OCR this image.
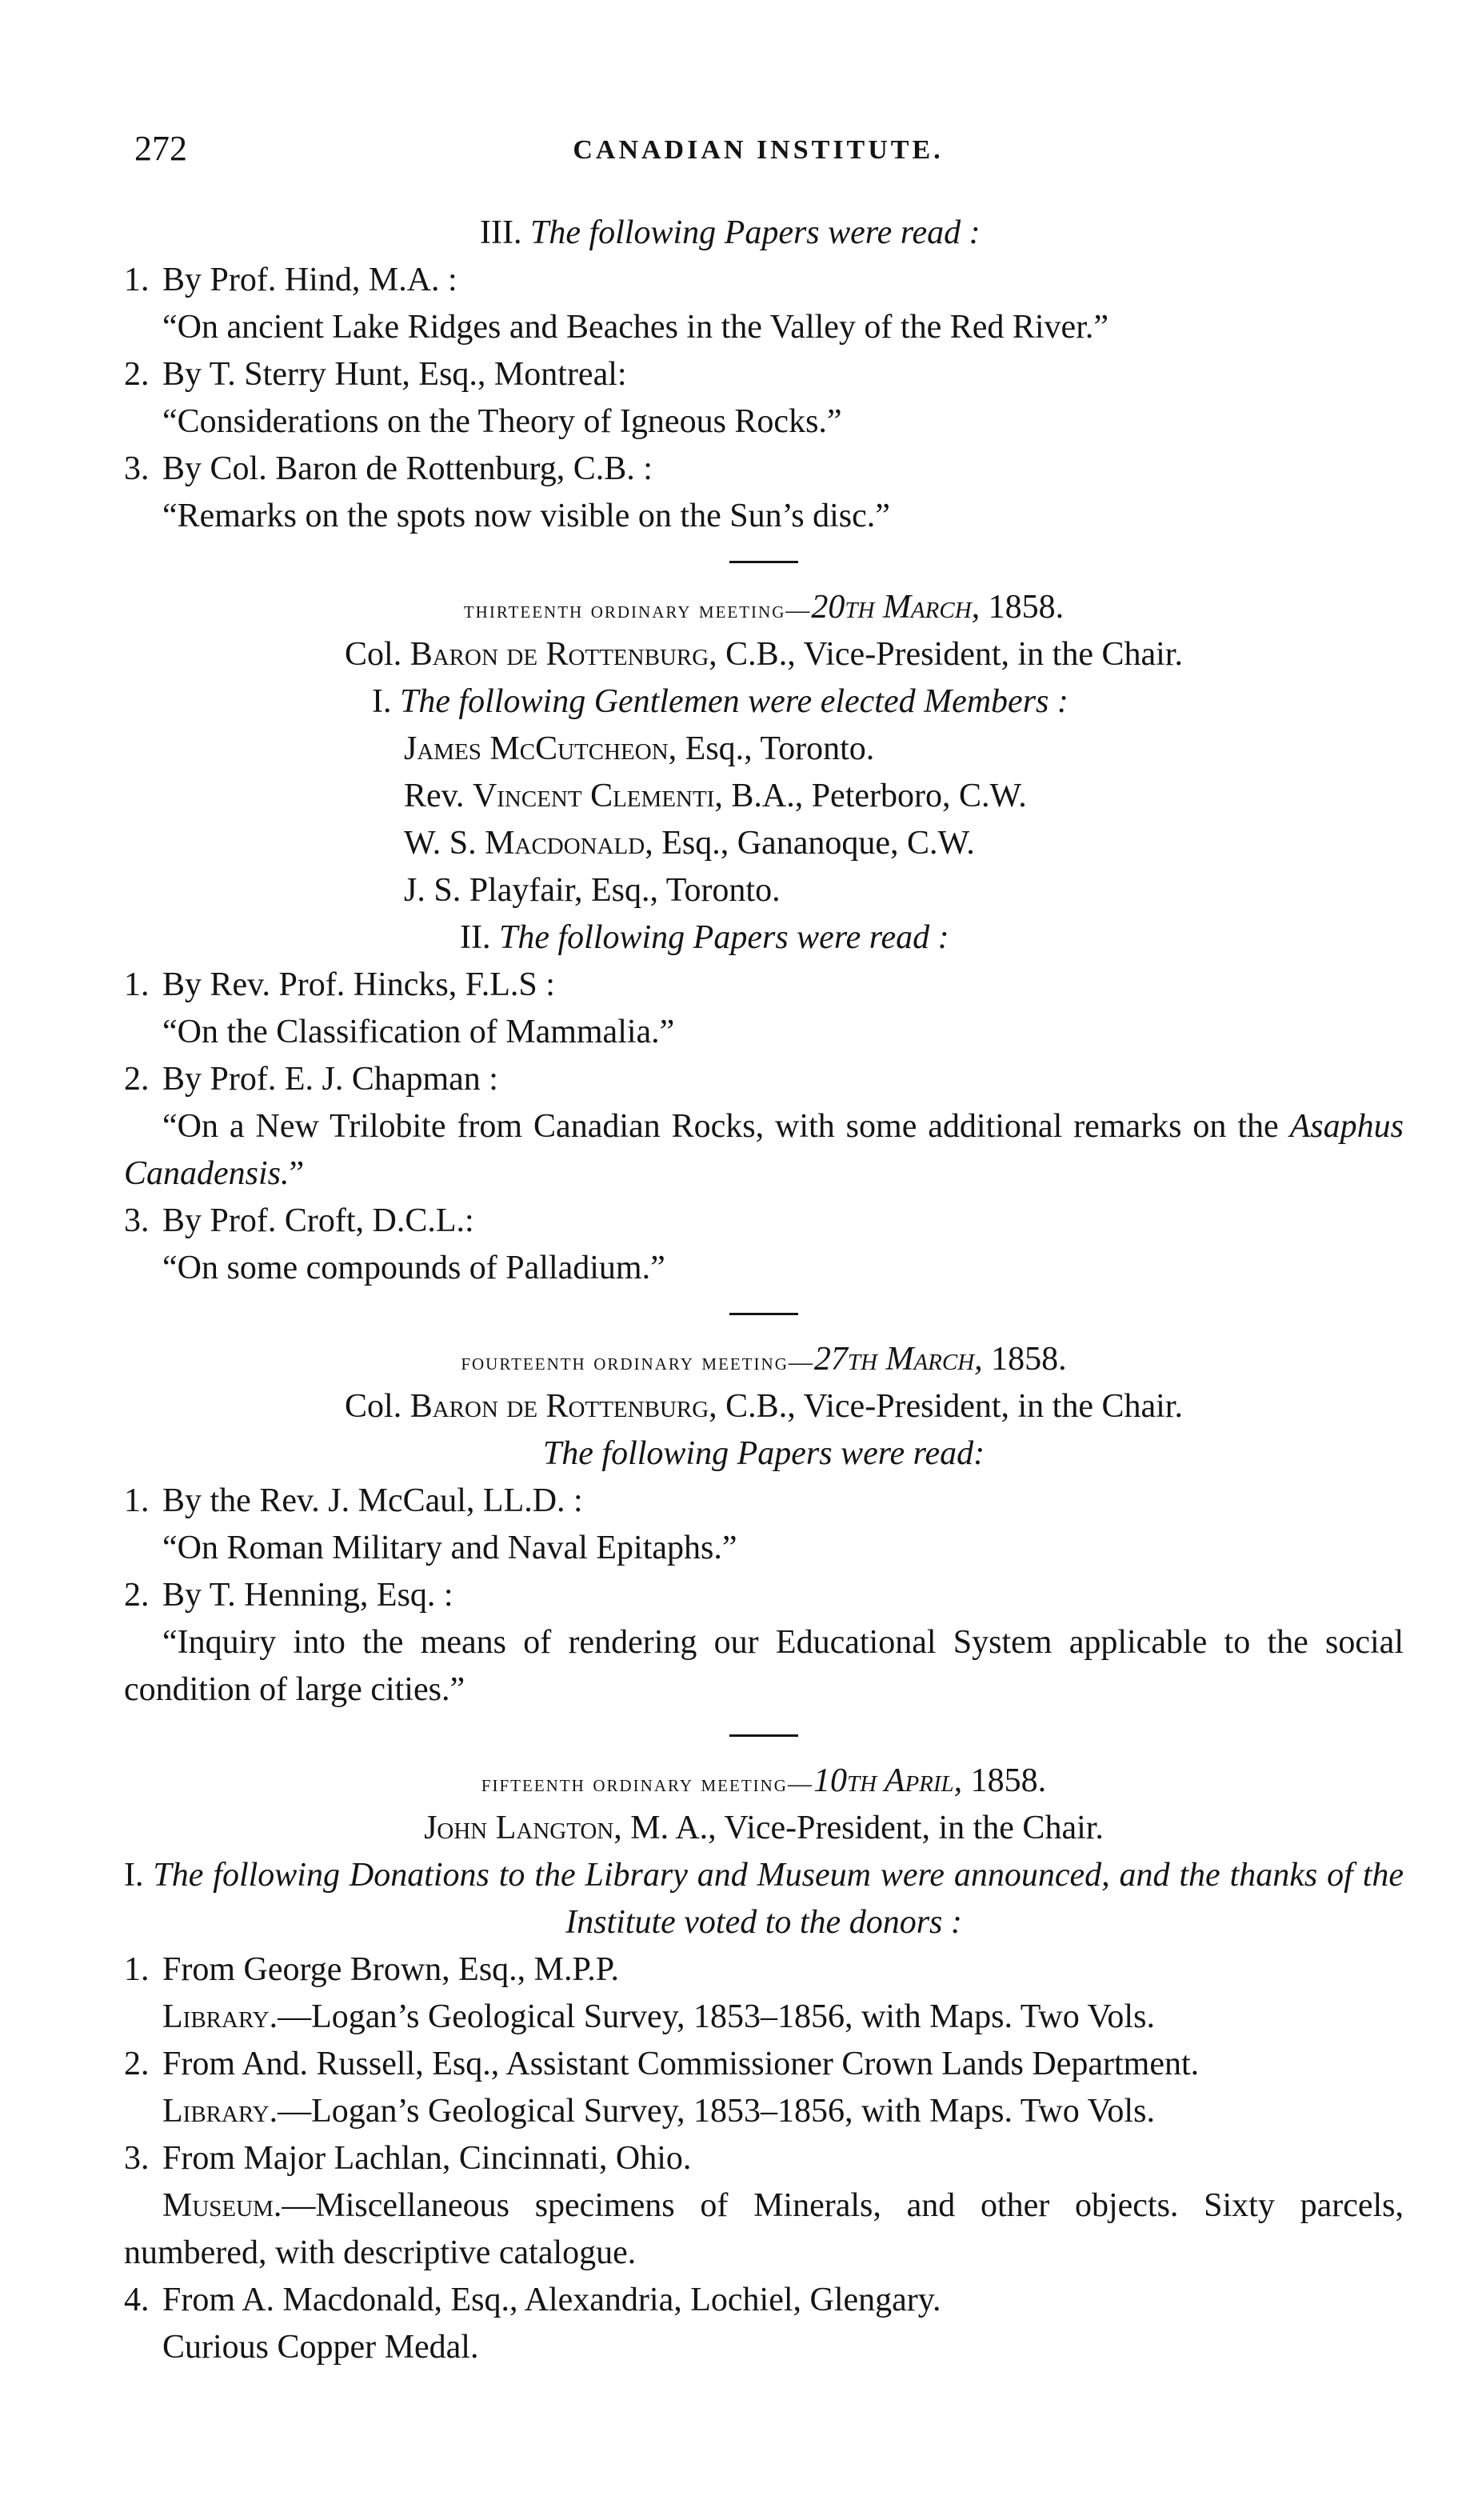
272	CANADIAN INSTITUTE.
III. The following Papers were read :
1. By Prof. Hind, M.A. :
“On ancient Lake Ridges and Beaches in the Valley of the Red River.”
2. By T. Sterry Hunt, Esq., Montreal:
“Considerations on the Theory of Igneous Rocks.”
3. By Col. Baron de Rottenburg, C.B. :
“Remarks on the spots now visible on the Sun’s disc.”
thirteenth ordinary meeting—20th March, 1858.
Col. Baron de Rottenburg, C.B., Vice-President, in the Chair.
I. The following Gentlemen were elected Members :
James McCutcheon, Esq., Toronto.
Rev. Vincent Clementi, B.A., Peterboro, C.W.
W. S. Macdonald, Esq., Gananoque, C.W.
J. S. Playfair, Esq., Toronto.
II. The following Papers were read :
1. By Rev. Prof. Hincks, F.L.S :
“On the Classification of Mammalia.”
2. By Prof. E. J. Chapman :
“On a New Trilobite from Canadian Rocks, with some additional remarks on the Asaphus Canadensis.”
3. By Prof. Croft, D.C.L.:
“On some compounds of Palladium.”
fourteenth ordinary meeting—27th March, 1858.
Col. Baron de Rottenburg, C.B., Vice-President, in the Chair.
The following Papers were read:
1. By the Rev. J. McCaul, LL.D. :
“On Roman Military and Naval Epitaphs.”
2. By T. Henning, Esq. :
“Inquiry into the means of rendering our Educational System applicable to the social condition of large cities.”
fifteenth ordinary meeting—10th April, 1858.
John Langton, M. A., Vice-President, in the Chair.
I. The following Donations to the Library and Museum were announced, and the thanks of the Institute voted to the donors :
1. From George Brown, Esq., M.P.P.
Library.—Logan’s Geological Survey, 1853–1856, with Maps. Two Vols.
2. From And. Russell, Esq., Assistant Commissioner Crown Lands Department.
Library.—Logan’s Geological Survey, 1853–1856, with Maps. Two Vols.
3. From Major Lachlan, Cincinnati, Ohio.
Museum.—Miscellaneous specimens of Minerals, and other objects. Sixty parcels, numbered, with descriptive catalogue.
4. From A. Macdonald, Esq., Alexandria, Lochiel, Glengary.
Curious Copper Medal.
